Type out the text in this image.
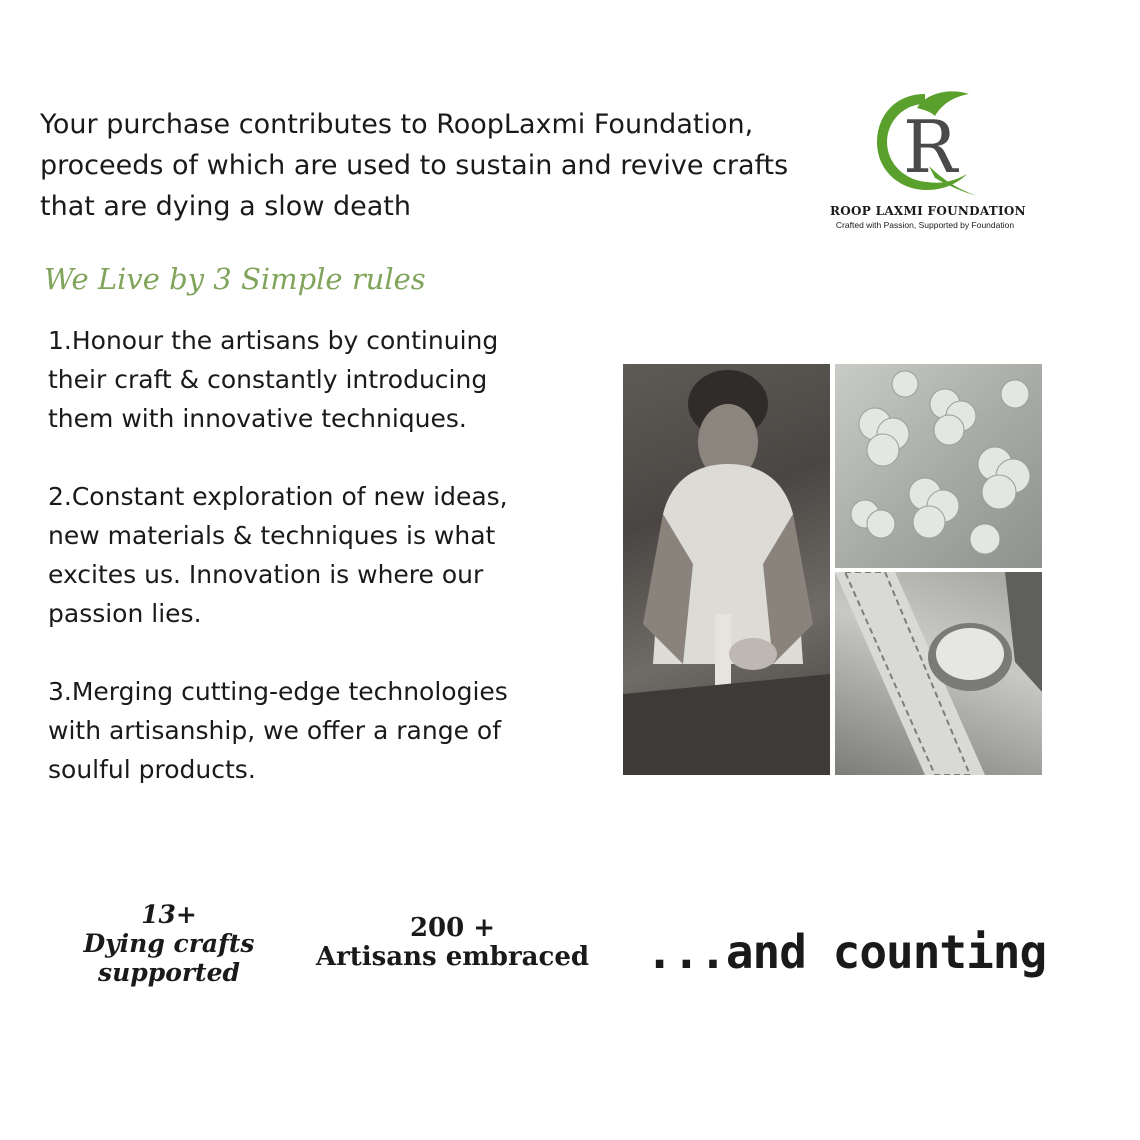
Your purchase contributes to RoopLaxmi Foundation, proceeds of which are used to sustain and revive crafts that are dying a slow death

R
ROOP LAXMI FOUNDATION
Crafted with Passion, Supported by Foundation
We Live by 3 Simple rules

1.Honour the artisans by continuing their craft & constantly introducing them with innovative techniques.

2.Constant exploration of new ideas, new materials & techniques is what excites us. Innovation is where our passion lies.

3.Merging cutting-edge technologies with artisanship, we offer a range of soulful products.

13+
Dying crafts
supported
200 +
Artisans embraced	...and counting
